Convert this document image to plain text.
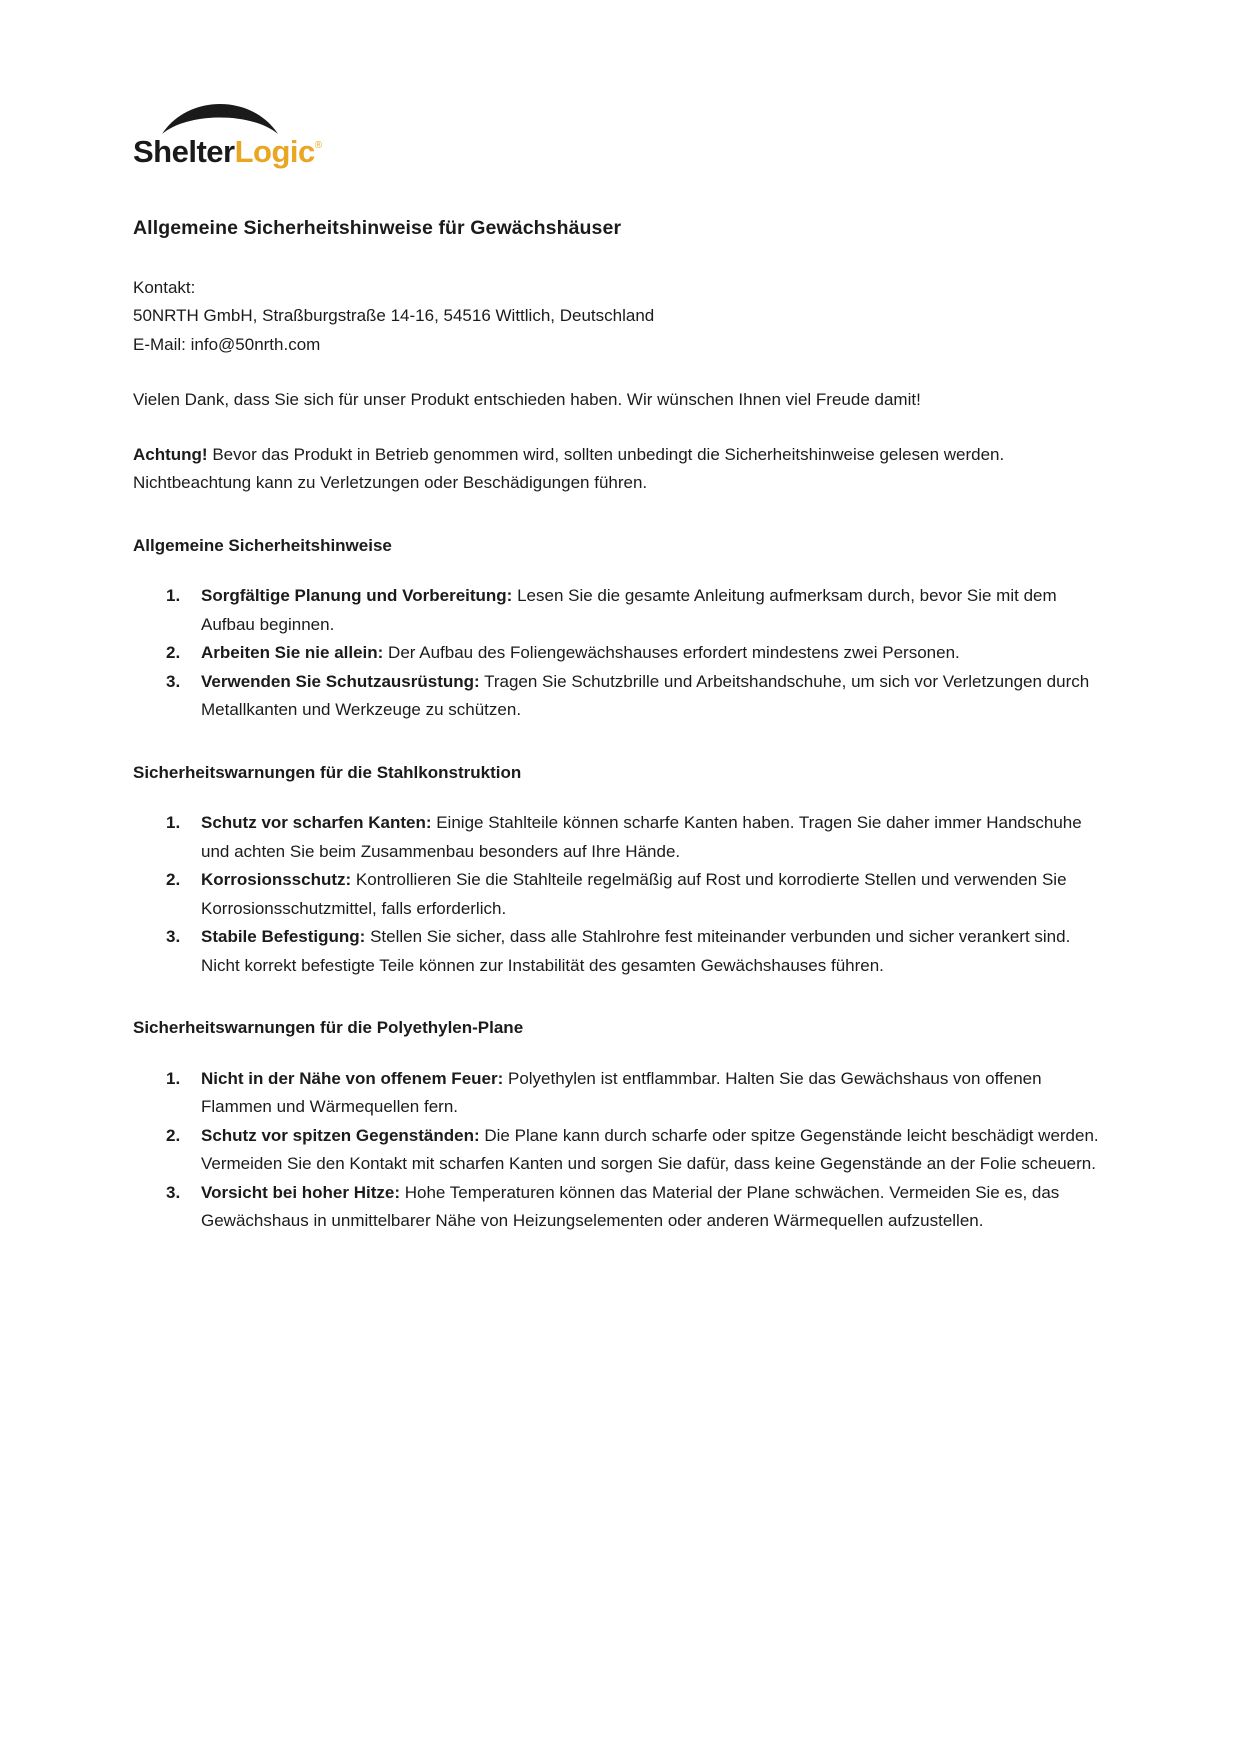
ShelterLogic®
Allgemeine Sicherheitshinweise für Gewächshäuser
Kontakt:
50NRTH GmbH, Straßburgstraße 14-16, 54516 Wittlich, Deutschland
E-Mail: info@50nrth.com

Vielen Dank, dass Sie sich für unser Produkt entschieden haben. Wir wünschen Ihnen viel Freude damit!

Achtung! Bevor das Produkt in Betrieb genommen wird, sollten unbedingt die Sicherheitshinweise gelesen werden. Nichtbeachtung kann zu Verletzungen oder Beschädigungen führen.

Allgemeine Sicherheitshinweise
1.	Sorgfältige Planung und Vorbereitung: Lesen Sie die gesamte Anleitung aufmerksam durch, bevor Sie mit dem Aufbau beginnen.
2.	Arbeiten Sie nie allein: Der Aufbau des Foliengewächshauses erfordert mindestens zwei Personen.
3.	Verwenden Sie Schutzausrüstung: Tragen Sie Schutzbrille und Arbeitshandschuhe, um sich vor Verletzungen durch Metallkanten und Werkzeuge zu schützen.
Sicherheitswarnungen für die Stahlkonstruktion
1.	Schutz vor scharfen Kanten: Einige Stahlteile können scharfe Kanten haben. Tragen Sie daher immer Handschuhe und achten Sie beim Zusammenbau besonders auf Ihre Hände.
2.	Korrosionsschutz: Kontrollieren Sie die Stahlteile regelmäßig auf Rost und korrodierte Stellen und verwenden Sie Korrosionsschutzmittel, falls erforderlich.
3.	Stabile Befestigung: Stellen Sie sicher, dass alle Stahlrohre fest miteinander verbunden und sicher verankert sind. Nicht korrekt befestigte Teile können zur Instabilität des gesamten Gewächshauses führen.
Sicherheitswarnungen für die Polyethylen-Plane
1.	Nicht in der Nähe von offenem Feuer: Polyethylen ist entflammbar. Halten Sie das Gewächshaus von offenen Flammen und Wärmequellen fern.
2.	Schutz vor spitzen Gegenständen: Die Plane kann durch scharfe oder spitze Gegenstände leicht beschädigt werden. Vermeiden Sie den Kontakt mit scharfen Kanten und sorgen Sie dafür, dass keine Gegenstände an der Folie scheuern.
3.	Vorsicht bei hoher Hitze: Hohe Temperaturen können das Material der Plane schwächen. Vermeiden Sie es, das Gewächshaus in unmittelbarer Nähe von Heizungselementen oder anderen Wärmequellen aufzustellen.
